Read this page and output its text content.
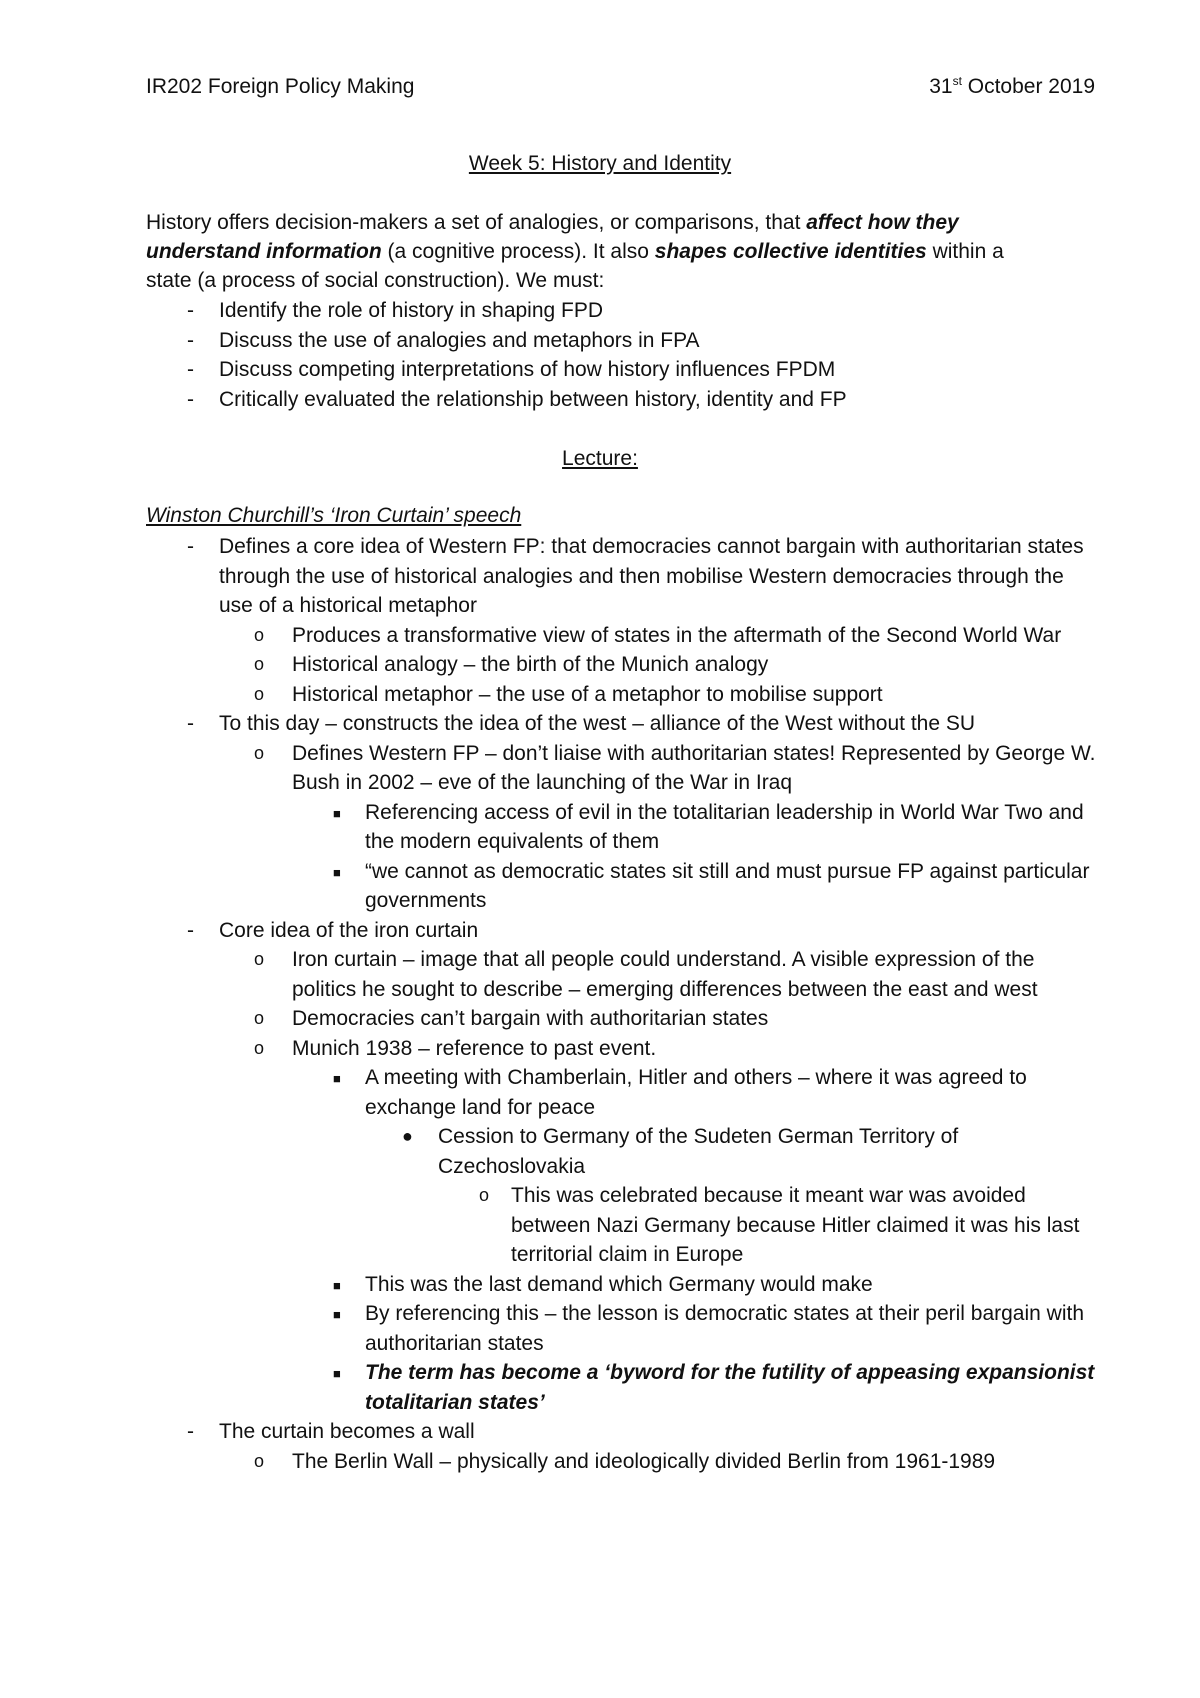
IR202 Foreign Policy Making	31st October 2019
Week 5: History and Identity

History offers decision-makers a set of analogies, or comparisons, that affect how they understand information (a cognitive process). It also shapes collective identities within a state (a process of social construction). We must:

- Identify the role of history in shaping FPD
- Discuss the use of analogies and metaphors in FPA
- Discuss competing interpretations of how history influences FPDM
- Critically evaluated the relationship between history, identity and FP
Lecture:
Winston Churchill’s ‘Iron Curtain’ speech
- Defines a core idea of Western FP: that democracies cannot bargain with authoritarian states through the use of historical analogies and then mobilise Western democracies through the use of a historical metaphor
o Produces a transformative view of states in the aftermath of the Second World War
o Historical analogy – the birth of the Munich analogy
o Historical metaphor – the use of a metaphor to mobilise support
- To this day – constructs the idea of the west – alliance of the West without the SU
o Defines Western FP – don’t liaise with authoritarian states! Represented by George W. Bush in 2002 – eve of the launching of the War in Iraq
■ Referencing access of evil in the totalitarian leadership in World War Two and the modern equivalents of them
■ “we cannot as democratic states sit still and must pursue FP against particular governments
- Core idea of the iron curtain
o Iron curtain – image that all people could understand. A visible expression of the politics he sought to describe – emerging differences between the east and west
o Democracies can’t bargain with authoritarian states
o Munich 1938 – reference to past event.
■ A meeting with Chamberlain, Hitler and others – where it was agreed to exchange land for peace
● Cession to Germany of the Sudeten German Territory of Czechoslovakia
o This was celebrated because it meant war was avoided between Nazi Germany because Hitler claimed it was his last territorial claim in Europe
■ This was the last demand which Germany would make
■ By referencing this – the lesson is democratic states at their peril bargain with authoritarian states
■ The term has become a ‘byword for the futility of appeasing expansionist totalitarian states’
- The curtain becomes a wall
o The Berlin Wall – physically and ideologically divided Berlin from 1961-1989
